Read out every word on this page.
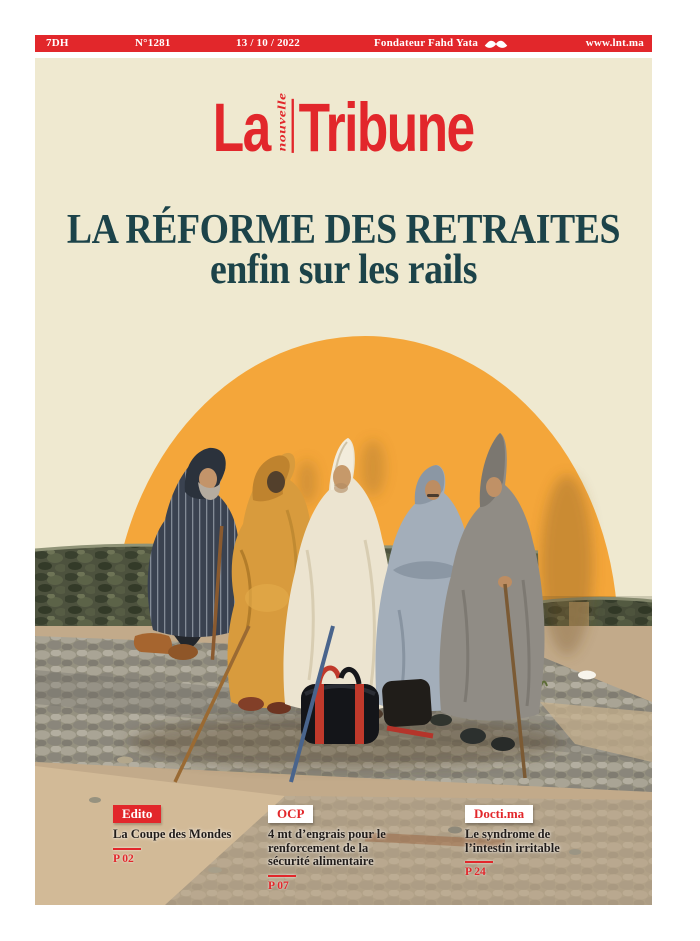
7DH	N°1281	13 / 10 / 2022	Fondateur Fahd Yata	www.lnt.ma
La nouvelle Tribune
LA RÉFORME DES RETRAITES
enfin sur les rails
Edito
La Coupe des Mondes
P 02
OCP
4 mt d’engrais pour le renforcement de la sécurité alimentaire
P 07
Docti.ma
Le syndrome de l’intestin irritable
P 24
